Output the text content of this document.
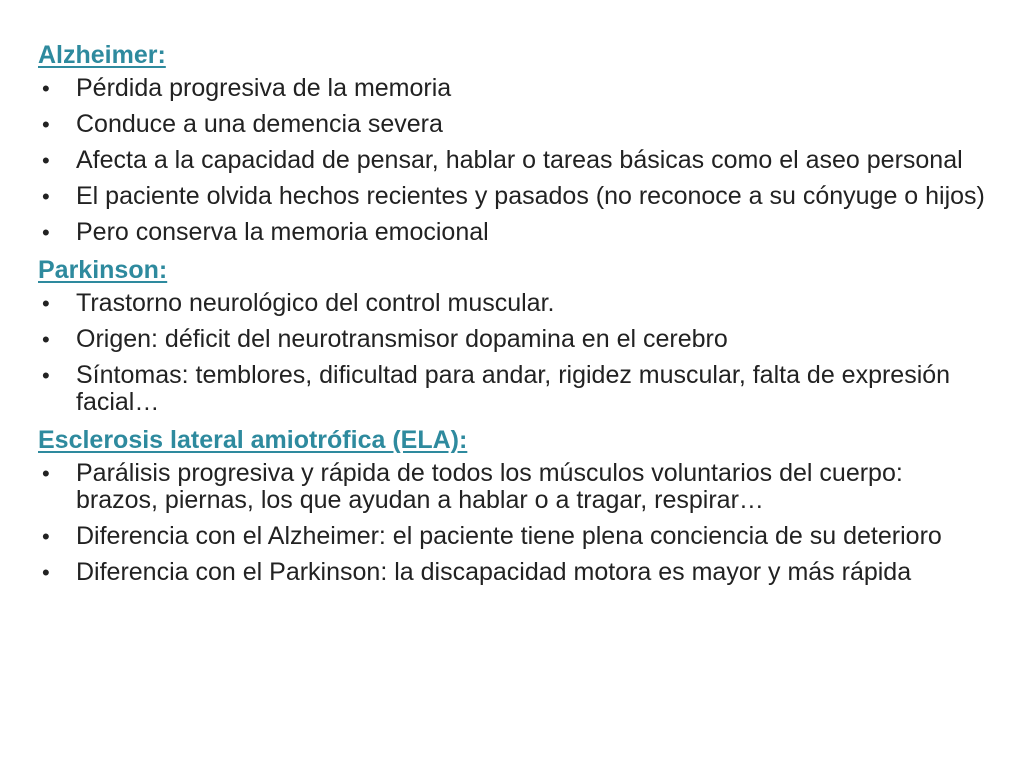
Alzheimer:
• Pérdida progresiva de la memoria
• Conduce a una demencia severa
• Afecta a la capacidad de pensar, hablar o tareas básicas como el aseo personal
• El paciente olvida hechos recientes y pasados (no reconoce a su cónyuge o hijos)
• Pero conserva la memoria emocional
Parkinson:
• Trastorno neurológico del control muscular.
• Origen: déficit del neurotransmisor dopamina en el cerebro
• Síntomas: temblores, dificultad para andar, rigidez muscular, falta de expresión facial…
Esclerosis lateral amiotrófica (ELA):
• Parálisis progresiva y rápida de todos los músculos voluntarios del cuerpo: brazos, piernas, los que ayudan a hablar o a tragar, respirar…
• Diferencia con el Alzheimer: el paciente tiene plena conciencia de su deterioro
• Diferencia con el Parkinson: la discapacidad motora es mayor y más rápida
